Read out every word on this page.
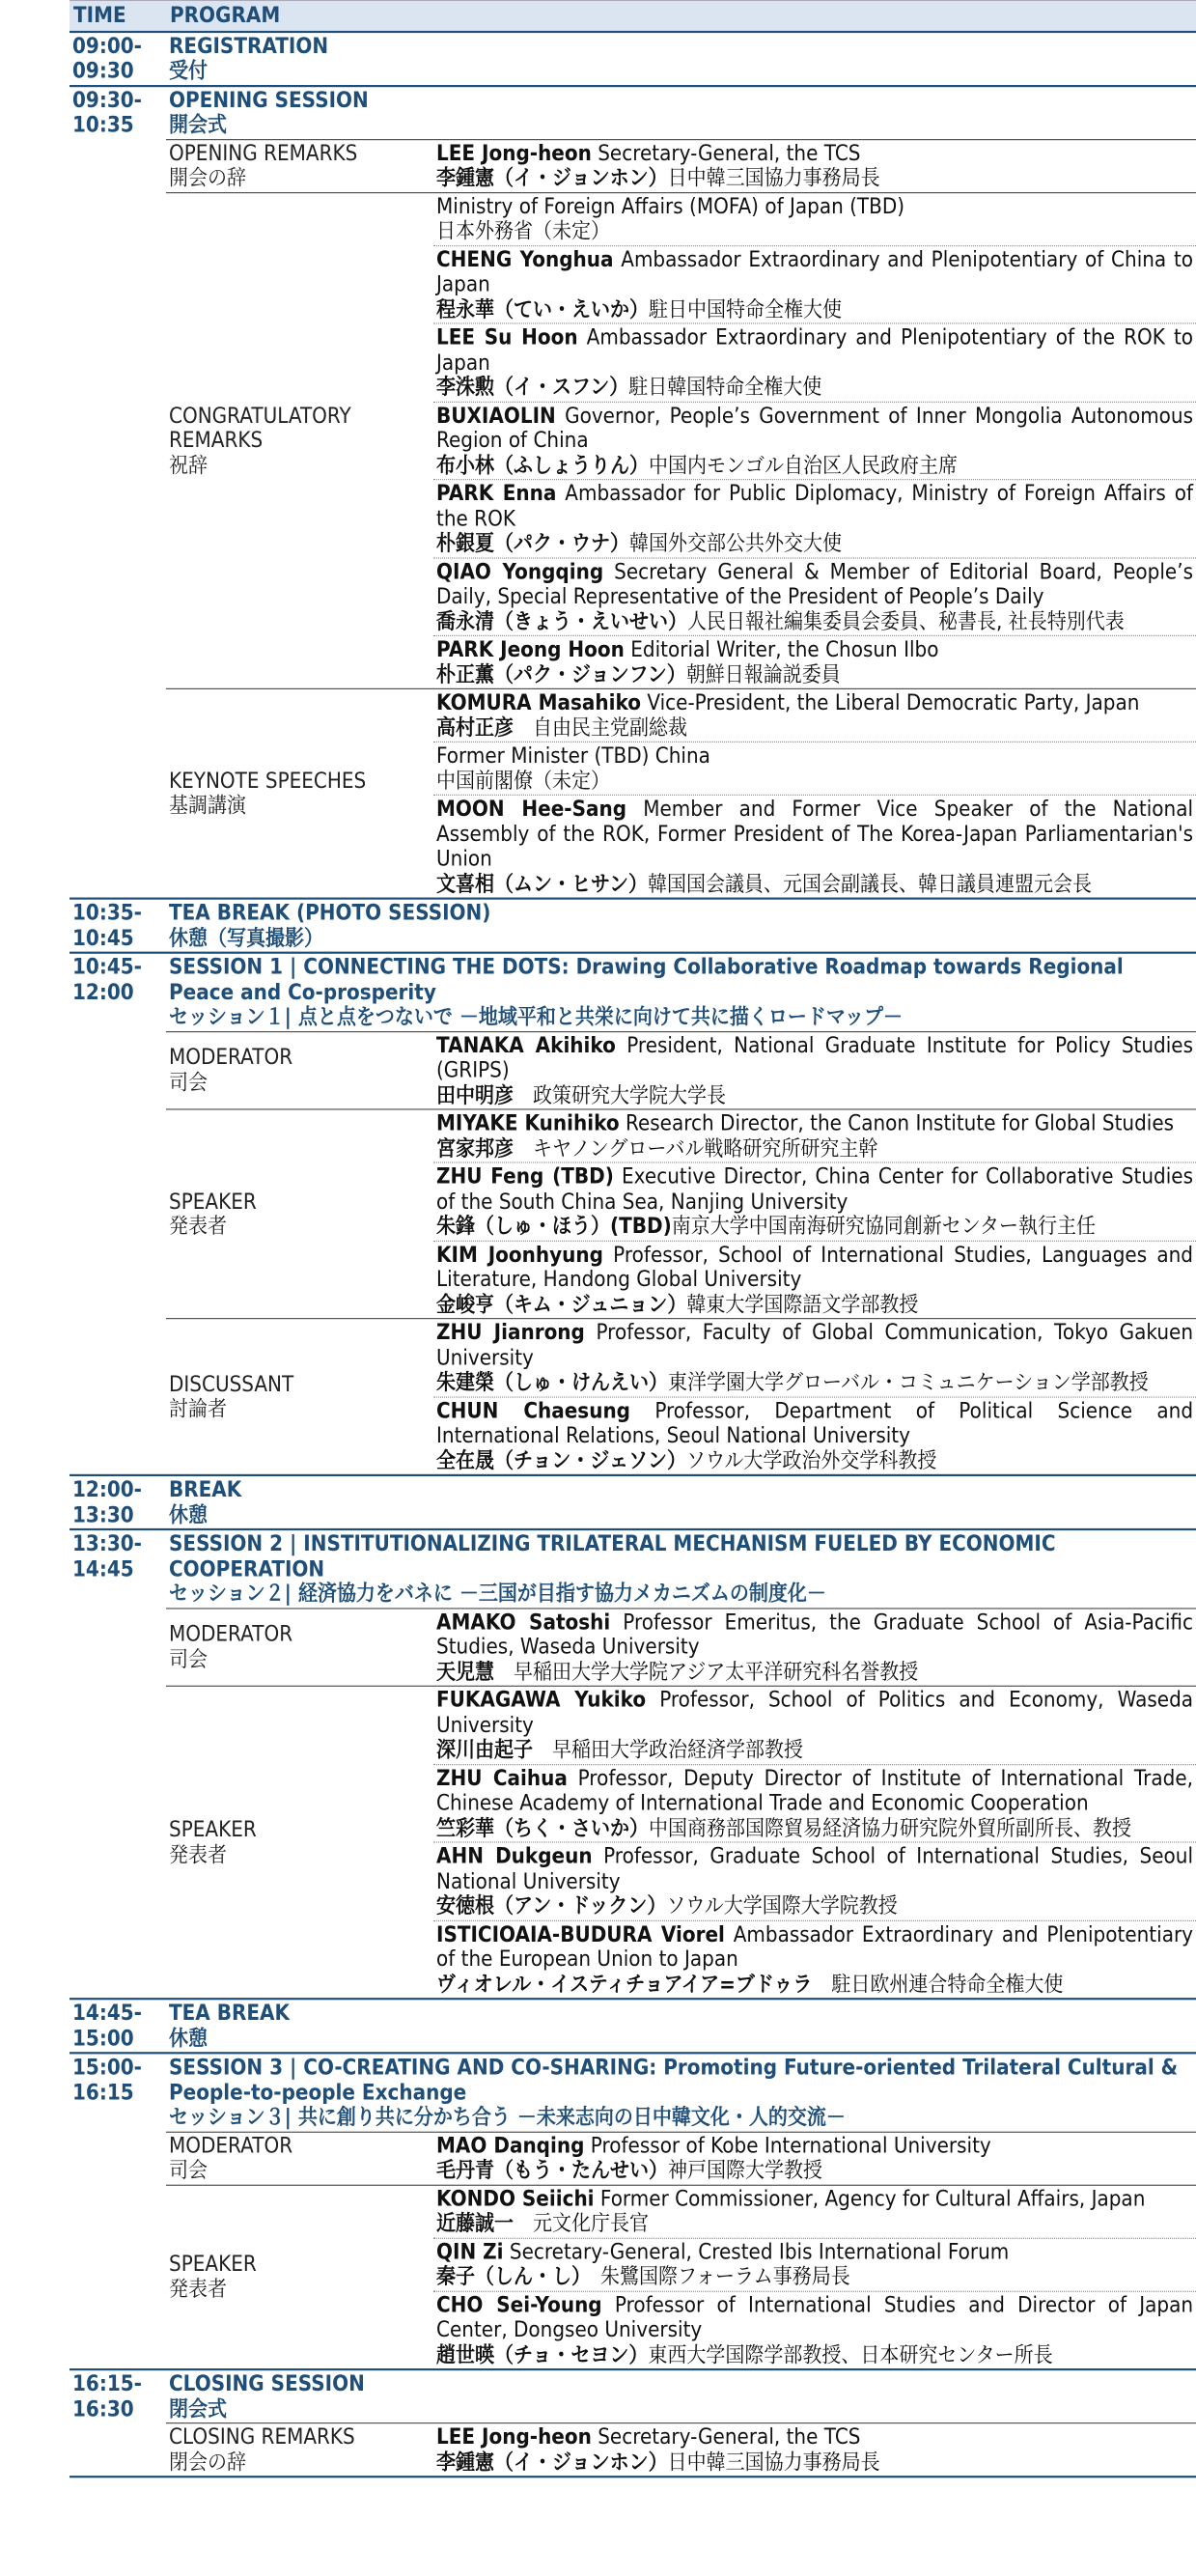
TIME	PROGRAM	
09:00-
09:30	REGISTRATION
受付	

09:30-
10:35	OPENING SESSION
開会式	

	OPENING REMARKS
開会の辞	LEE Jong-heon Secretary-General, the TCS
李鍾憲（イ・ジョンホン）日中韓三国協力事務局長

	CONGRATULATORY
REMARKS
祝辞	Ministry of Foreign Affairs (MOFA) of Japan (TBD)
日本外務省（未定）

		CHENG Yonghua Ambassador Extraordinary and Plenipotentiary of China to Japan
程永華（てい・えいか）駐日中国特命全権大使

		LEE Su Hoon Ambassador Extraordinary and Plenipotentiary of the ROK to Japan
李洙勲（イ・スフン）駐日韓国特命全権大使

		BUXIAOLIN Governor, People’s Government of Inner Mongolia Autonomous Region of China
布小林（ふしょうりん）中国内モンゴル自治区人民政府主席

		PARK Enna Ambassador for Public Diplomacy, Ministry of Foreign Affairs of the ROK
朴銀夏（パク・ウナ）韓国外交部公共外交大使

		QIAO Yongqing Secretary General & Member of Editorial Board, People’s Daily, Special Representative of the President of People’s Daily
喬永清（きょう・えいせい）人民日報社編集委員会委員、秘書長, 社長特別代表

		PARK Jeong Hoon Editorial Writer, the Chosun Ilbo
朴正薫（パク・ジョンフン）朝鮮日報論説委員

	KEYNOTE SPEECHES
基調講演	KOMURA Masahiko Vice-President, the Liberal Democratic Party, Japan
高村正彦　自由民主党副総裁

		Former Minister (TBD) China
中国前閣僚（未定）

		MOON Hee-Sang Member and Former Vice Speaker of the National Assembly of the ROK, Former President of The Korea-Japan Parliamentarian's Union
文喜相（ムン・ヒサン）韓国国会議員、元国会副議長、韓日議員連盟元会長

10:35-
10:45	TEA BREAK (PHOTO SESSION)
休憩（写真撮影）	

10:45-
12:00	SESSION 1 | CONNECTING THE DOTS: Drawing Collaborative Roadmap towards Regional Peace and Co-prosperity
セッション１| 点と点をつないで －地域平和と共栄に向けて共に描くロードマップ－	

	MODERATOR
司会	TANAKA Akihiko President, National Graduate Institute for Policy Studies (GRIPS)
田中明彦　政策研究大学院大学長

	SPEAKER
発表者	MIYAKE Kunihiko Research Director, the Canon Institute for Global Studies
宮家邦彦　キヤノングローバル戦略研究所研究主幹

		ZHU Feng (TBD) Executive Director, China Center for Collaborative Studies of the South China Sea, Nanjing University
朱鋒（しゅ・ほう）(TBD)南京大学中国南海研究協同創新センター執行主任

		KIM Joonhyung Professor, School of International Studies, Languages and Literature, Handong Global University
金峻亨（キム・ジュニョン）韓東大学国際語文学部教授

	DISCUSSANT
討論者	ZHU Jianrong Professor, Faculty of Global Communication, Tokyo Gakuen University
朱建榮（しゅ・けんえい）東洋学園大学グローバル・コミュニケーション学部教授

		CHUN Chaesung Professor, Department of Political Science and International Relations, Seoul National University
全在晟（チョン・ジェソン）ソウル大学政治外交学科教授

12:00-
13:30	BREAK
休憩	

13:30-
14:45	SESSION 2 | INSTITUTIONALIZING TRILATERAL MECHANISM FUELED BY ECONOMIC COOPERATION
セッション２| 経済協力をバネに －三国が目指す協力メカニズムの制度化－	

	MODERATOR
司会	AMAKO Satoshi Professor Emeritus, the Graduate School of Asia-Pacific Studies, Waseda University
天児慧　早稲田大学大学院アジア太平洋研究科名誉教授

	SPEAKER
発表者	FUKAGAWA Yukiko Professor, School of Politics and Economy, Waseda University
深川由起子　早稲田大学政治経済学部教授

		ZHU Caihua Professor, Deputy Director of Institute of International Trade, Chinese Academy of International Trade and Economic Cooperation
竺彩華（ちく・さいか）中国商務部国際貿易経済協力研究院外貿所副所長、教授

		AHN Dukgeun Professor, Graduate School of International Studies, Seoul National University
安徳根（アン・ドックン）ソウル大学国際大学院教授

		ISTICIOAIA-BUDURA Viorel Ambassador Extraordinary and Plenipotentiary of the European Union to Japan
ヴィオレル・イスティチョアイア=ブドゥラ　駐日欧州連合特命全権大使

14:45-
15:00	TEA BREAK
休憩	

15:00-
16:15	SESSION 3 | CO-CREATING AND CO-SHARING: Promoting Future-oriented Trilateral Cultural & People-to-people Exchange
セッション３| 共に創り共に分かち合う －未来志向の日中韓文化・人的交流－	

	MODERATOR
司会	MAO Danqing Professor of Kobe International University
毛丹青（もう・たんせい）神戸国際大学教授

	SPEAKER
発表者	KONDO Seiichi Former Commissioner, Agency for Cultural Affairs, Japan
近藤誠一　元文化庁長官

		QIN Zi Secretary-General, Crested Ibis International Forum
秦子（しん・し）　朱鷺国際フォーラム事務局長

		CHO Sei-Young Professor of International Studies and Director of Japan Center, Dongseo University
趙世暎（チョ・セヨン）東西大学国際学部教授、日本研究センター所長

16:15-
16:30	CLOSING SESSION
閉会式	

	CLOSING REMARKS
閉会の辞	LEE Jong-heon Secretary-General, the TCS
李鍾憲（イ・ジョンホン）日中韓三国協力事務局長
